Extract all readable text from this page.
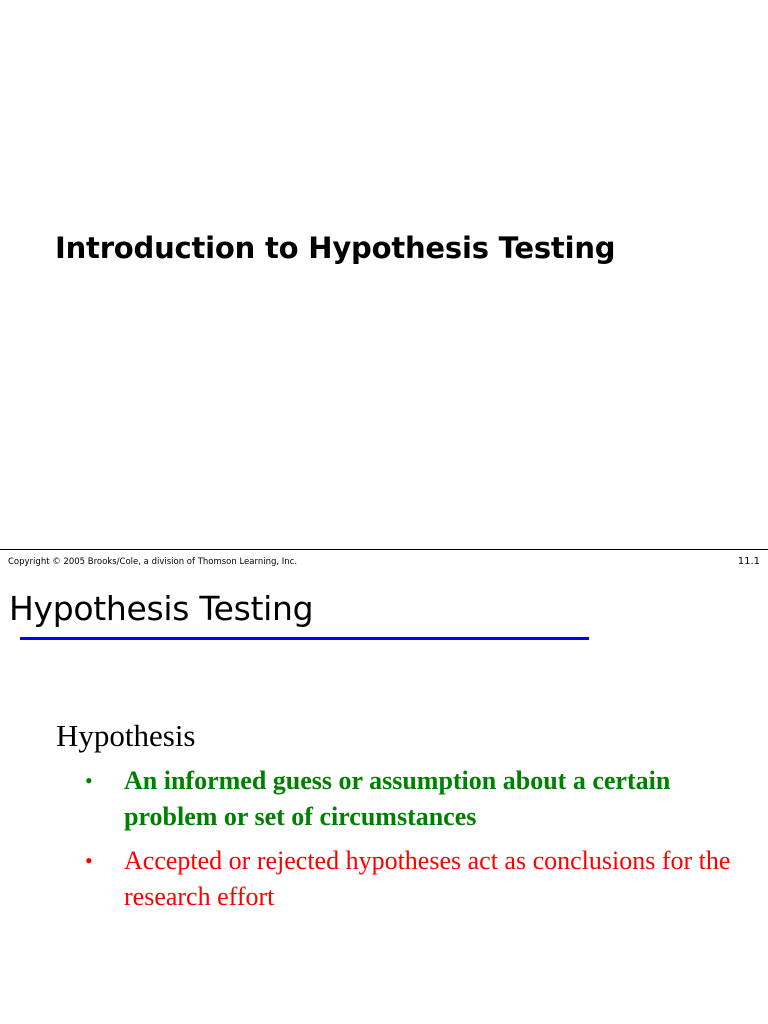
Introduction to Hypothesis Testing
Copyright © 2005 Brooks/Cole, a division of Thomson Learning, Inc.	11.1
Hypothesis Testing
Hypothesis
• An informed guess or assumption about a certain problem or set of circumstances
• Accepted or rejected hypotheses act as conclusions for the research effort
